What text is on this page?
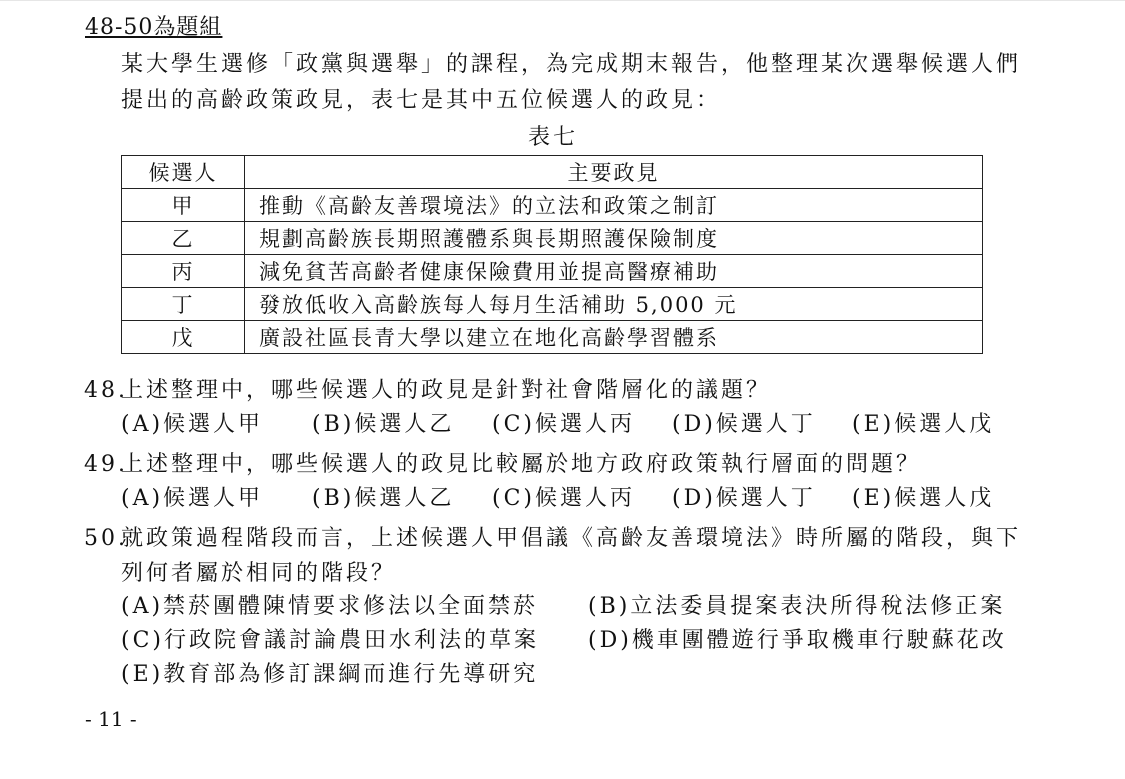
48-50為題組
某大學生選修「政黨與選舉」的課程，為完成期末報告，他整理某次選舉候選人們
提出的高齡政策政見，表七是其中五位候選人的政見：
表七
候選人	主要政見
甲	推動《高齡友善環境法》的立法和政策之制訂
乙	規劃高齡族長期照護體系與長期照護保險制度
丙	減免貧苦高齡者健康保險費用並提高醫療補助
丁	發放低收入高齡族每人每月生活補助 5,000 元
戊	廣設社區長青大學以建立在地化高齡學習體系
48.
上述整理中，哪些候選人的政見是針對社會階層化的議題？
(A)候選人甲 (B)候選人乙 (C)候選人丙 (D)候選人丁 (E)候選人戊
49.
上述整理中，哪些候選人的政見比較屬於地方政府政策執行層面的問題？
(A)候選人甲 (B)候選人乙 (C)候選人丙 (D)候選人丁 (E)候選人戊
50.
就政策過程階段而言，上述候選人甲倡議《高齡友善環境法》時所屬的階段，與下
列何者屬於相同的階段？
(A)禁菸團體陳情要求修法以全面禁菸 (B)立法委員提案表決所得稅法修正案
(C)行政院會議討論農田水利法的草案 (D)機車團體遊行爭取機車行駛蘇花改
(E)教育部為修訂課綱而進行先導研究
- 11 -
